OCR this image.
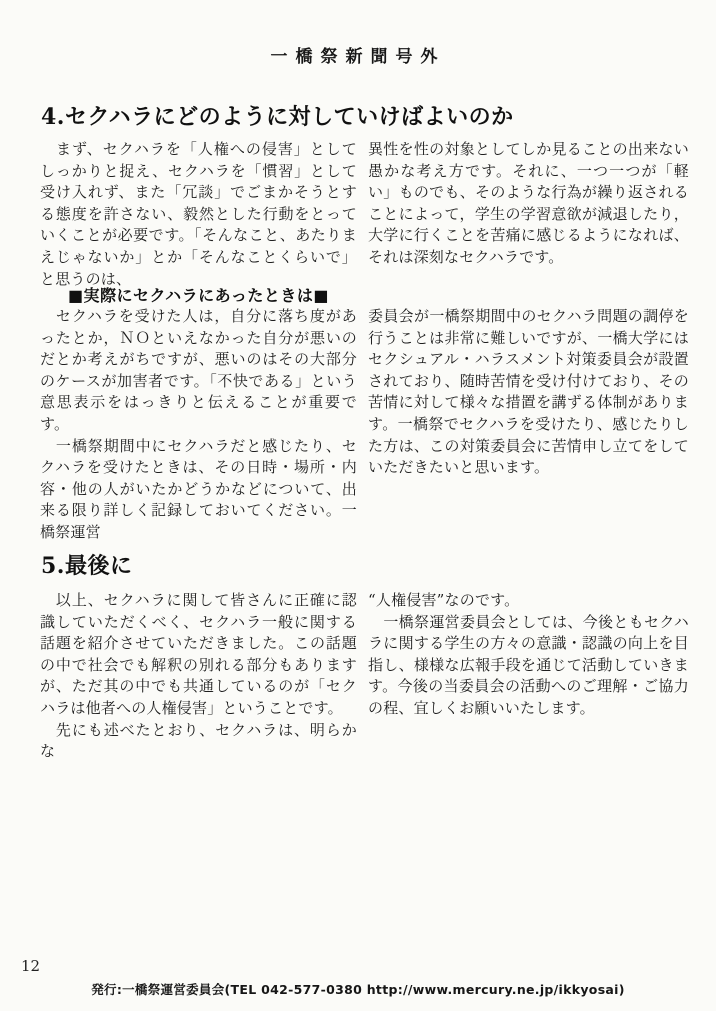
一橋祭新聞号外
4.セクハラにどのように対していけばよいのか

　まず、セクハラを「人権への侵害」としてしっかりと捉え、セクハラを「慣習」として受け入れず、また「冗談」でごまかそうとする態度を許さない、毅然とした行動をとっていくことが必要です。「そんなこと、あたりまえじゃないか」とか「そんなことくらいで」と思うのは、

異性を性の対象としてしか見ることの出来ない愚かな考え方です。それに、一つ一つが「軽い」ものでも、そのような行為が繰り返されることによって，学生の学習意欲が減退したり，大学に行くことを苦痛に感じるようになれば、それは深刻なセクハラです。

■実際にセクハラにあったときは■

　セクハラを受けた人は，自分に落ち度があったとか，ＮＯといえなかった自分が悪いのだとか考えがちですが、悪いのはその大部分のケースが加害者です。「不快である」という意思表示をはっきりと伝えることが重要です。

　一橋祭期間中にセクハラだと感じたり、セクハラを受けたときは、その日時・場所・内容・他の人がいたかどうかなどについて、出来る限り詳しく記録しておいてください。一橋祭運営

委員会が一橋祭期間中のセクハラ問題の調停を行うことは非常に難しいですが、一橋大学にはセクシュアル・ハラスメント対策委員会が設置されており、随時苦情を受け付けており、その苦情に対して様々な措置を講ずる体制があります。一橋祭でセクハラを受けたり、感じたりした方は、この対策委員会に苦情申し立てをしていただきたいと思います。

5.最後に

　以上、セクハラに関して皆さんに正確に認識していただくべく、セクハラ一般に関する話題を紹介させていただきました。この話題の中で社会でも解釈の別れる部分もありますが、ただ其の中でも共通しているのが「セクハラは他者への人権侵害」ということです。

　先にも述べたとおり、セクハラは、明らかな

“人権侵害”なのです。

　一橋祭運営委員会としては、今後ともセクハラに関する学生の方々の意識・認識の向上を目指し、様様な広報手段を通じて活動していきます。今後の当委員会の活動へのご理解・ご協力の程、宜しくお願いいたします。

12
発行:一橋祭運営委員会(TEL 042-577-0380 http://www.mercury.ne.jp/ikkyosai)
